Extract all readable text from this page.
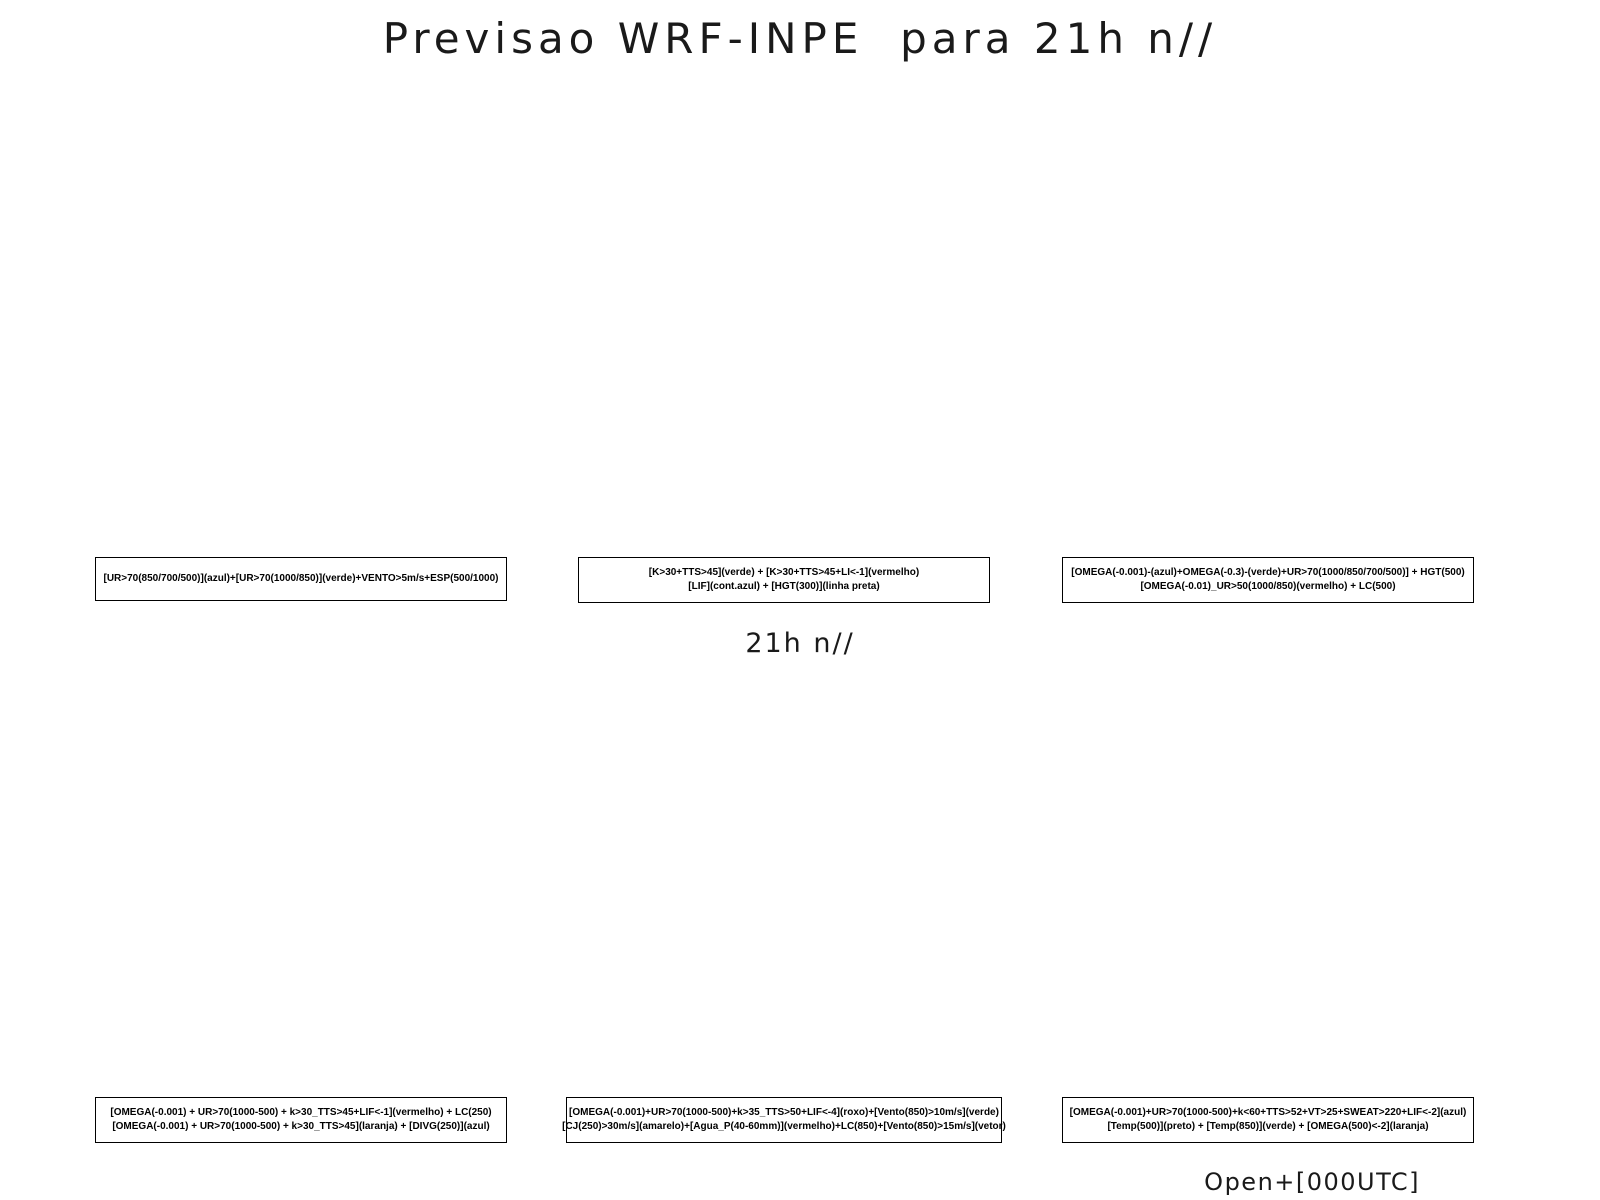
Previsao WRF-INPE  para 21h n//
[UR>70(850/700/500)](azul)+[UR>70(1000/850)](verde)+VENTO>5m/s+ESP(500/1000)
[K>30+TTS>45](verde) + [K>30+TTS>45+LI<-1](vermelho)
[LIF](cont.azul) + [HGT(300)](linha preta)
[OMEGA(-0.001)-(azul)+OMEGA(-0.3)-(verde)+UR>70(1000/850/700/500)] + HGT(500)
[OMEGA(-0.01)_UR>50(1000/850)(vermelho) + LC(500)
21h n//
[OMEGA(-0.001) + UR>70(1000-500) + k>30_TTS>45+LIF<-1](vermelho) + LC(250)
[OMEGA(-0.001) + UR>70(1000-500) + k>30_TTS>45](laranja) + [DIVG(250)](azul)
[OMEGA(-0.001)+UR>70(1000-500)+k>35_TTS>50+LIF<-4](roxo)+[Vento(850)>10m/s](verde)
[CJ(250)>30m/s](amarelo)+[Agua_P(40-60mm)](vermelho)+LC(850)+[Vento(850)>15m/s](vetor)
[OMEGA(-0.001)+UR>70(1000-500)+k<60+TTS>52+VT>25+SWEAT>220+LIF<-2](azul)
[Temp(500)](preto) + [Temp(850)](verde) + [OMEGA(500)<-2](laranja)
Open+[000UTC]
